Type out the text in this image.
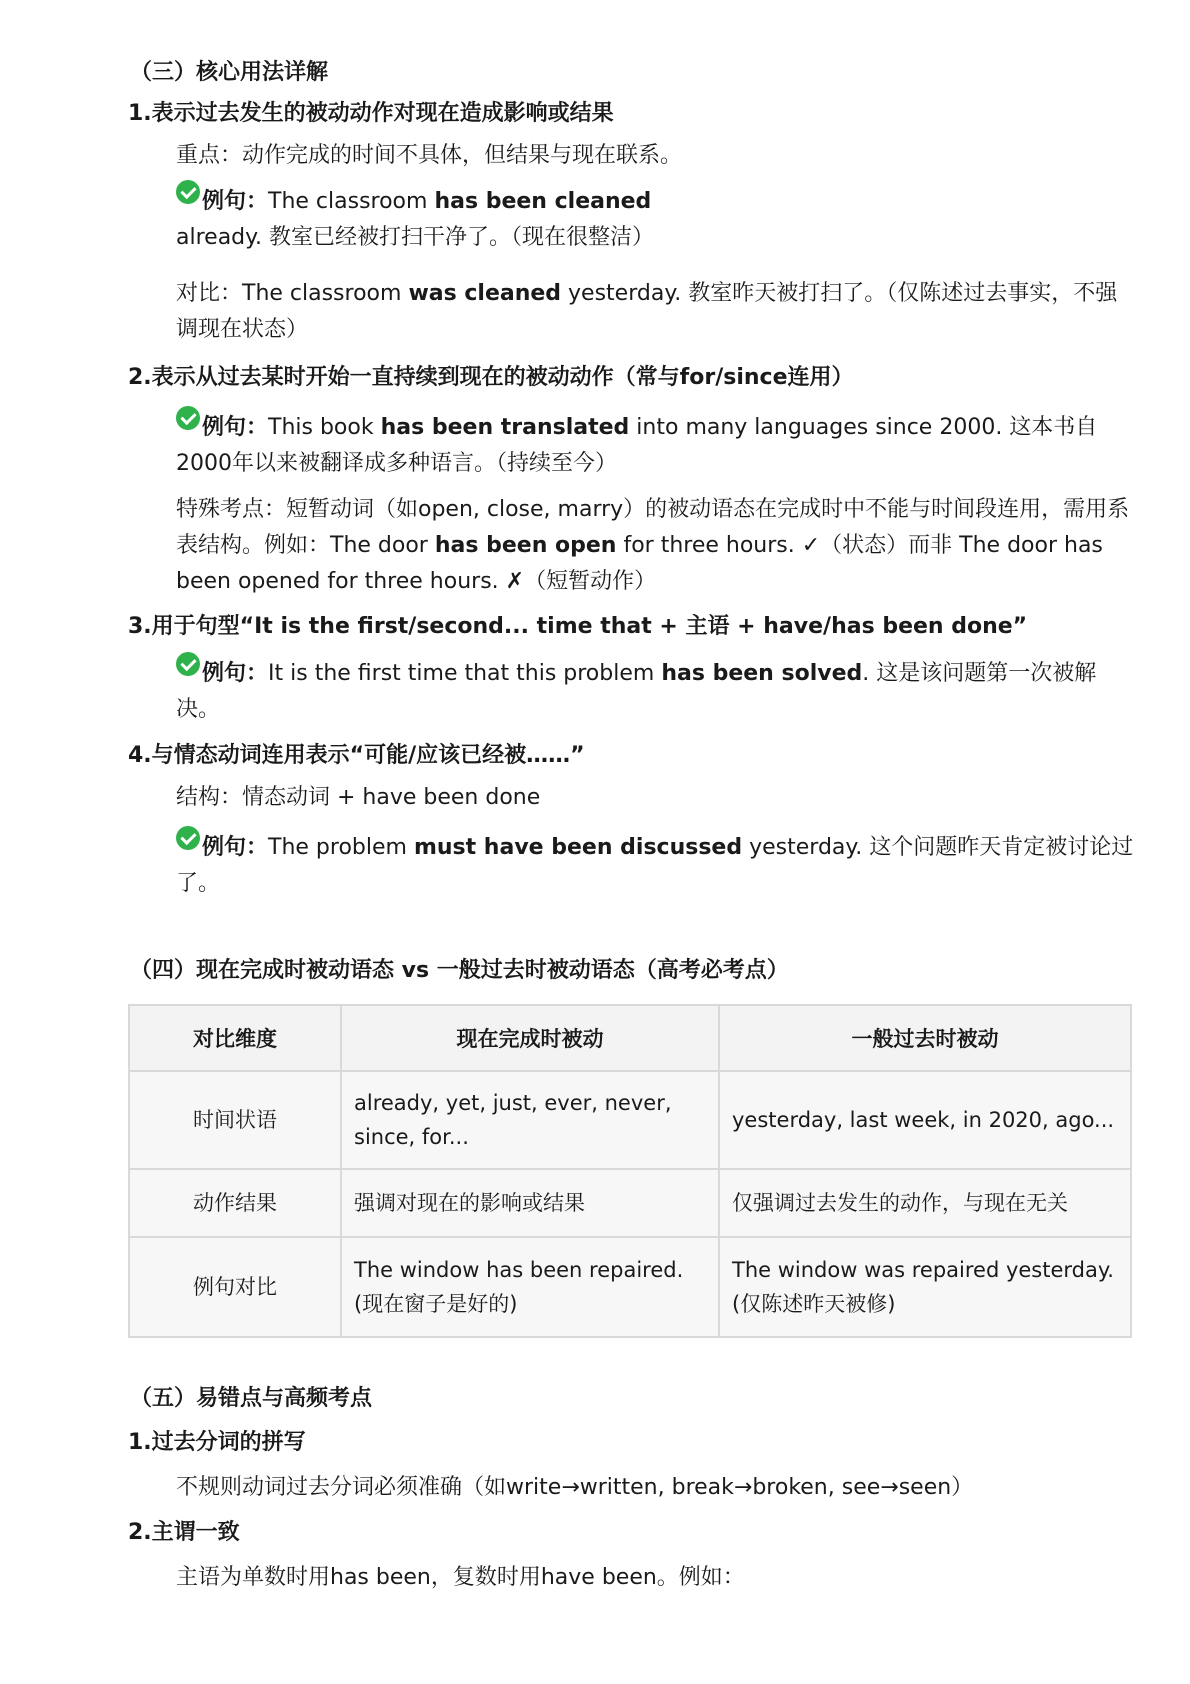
（三）核心用法详解
1.表示过去发生的被动动作对现在造成影响或结果
重点：动作完成的时间不具体，但结果与现在联系。
例句：The classroom has been cleaned already. 教室已经被打扫干净了。（现在很整洁）
对比：The classroom was cleaned yesterday. 教室昨天被打扫了。（仅陈述过去事实，不强调现在状态）
2.表示从过去某时开始一直持续到现在的被动动作（常与for/since连用）
例句：This book has been translated into many languages since 2000. 这本书自2000年以来被翻译成多种语言。（持续至今）
特殊考点：短暂动词（如open, close, marry）的被动语态在完成时中不能与时间段连用，需用系表结构。例如：The door has been open for three hours. ✓（状态）而非 The door has been opened for three hours. ✗（短暂动作）
3.用于句型“It is the first/second... time that + 主语 + have/has been done”
例句：It is the first time that this problem has been solved. 这是该问题第一次被解决。
4.与情态动词连用表示“可能/应该已经被……”
结构：情态动词 + have been done
例句：The problem must have been discussed yesterday. 这个问题昨天肯定被讨论过了。
（四）现在完成时被动语态 vs 一般过去时被动语态（高考必考点）
对比维度	现在完成时被动	一般过去时被动
时间状语	already, yet, just, ever, never, since, for...	yesterday, last week, in 2020, ago...
动作结果	强调对现在的影响或结果	仅强调过去发生的动作，与现在无关
例句对比	The window has been repaired. (现在窗子是好的)	The window was repaired yesterday. (仅陈述昨天被修)
（五）易错点与高频考点
1.过去分词的拼写
不规则动词过去分词必须准确（如write→written, break→broken, see→seen）
2.主谓一致
主语为单数时用has been，复数时用have been。例如：
